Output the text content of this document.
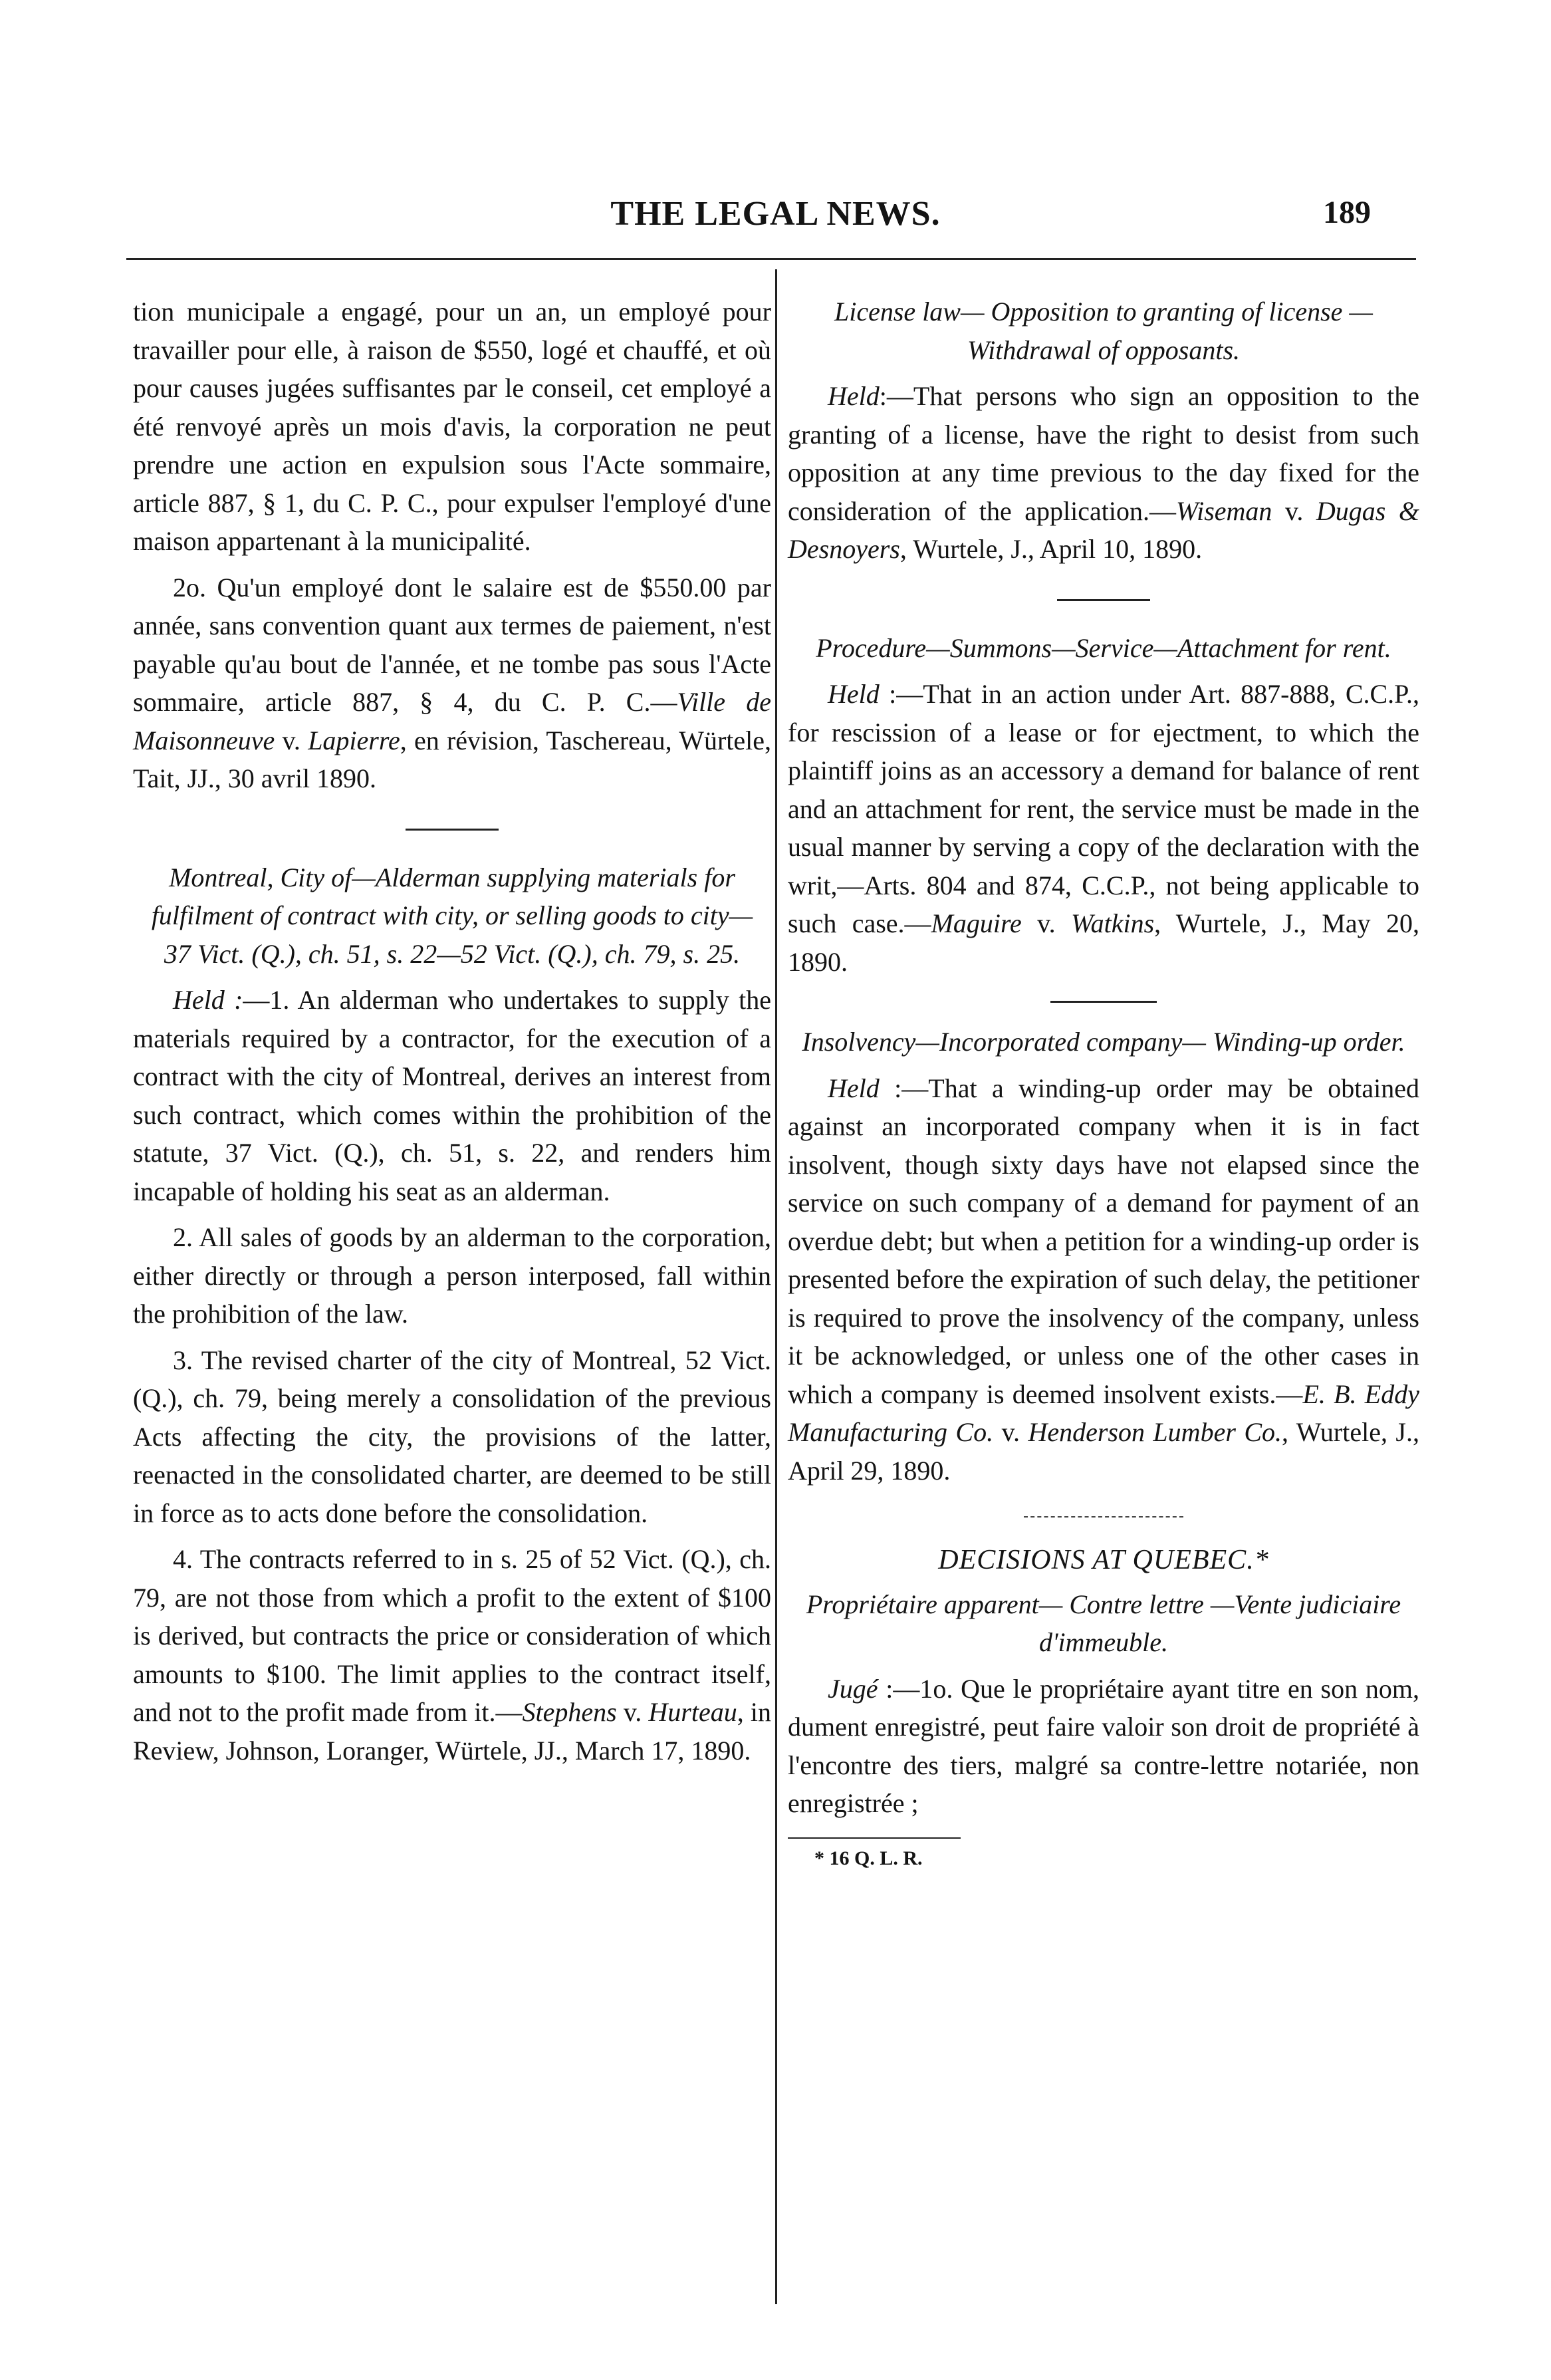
THE LEGAL NEWS.	189

tion municipale a engagé, pour un an, un employé pour travailler pour elle, à raison de $550, logé et chauffé, et où pour causes jugées suffisantes par le conseil, cet employé a été renvoyé après un mois d'avis, la corporation ne peut prendre une action en expulsion sous l'Acte sommaire, article 887, § 1, du C. P. C., pour expulser l'employé d'une maison appartenant à la municipalité.

2o. Qu'un employé dont le salaire est de $550.00 par année, sans convention quant aux termes de paiement, n'est payable qu'au bout de l'année, et ne tombe pas sous l'Acte sommaire, article 887, § 4, du C. P. C.—Ville de Maisonneuve v. Lapierre, en révision, Taschereau, Würtele, Tait, JJ., 30 avril 1890.

Montreal, City of—Alderman supplying materials for fulfilment of contract with city, or selling goods to city—37 Vict. (Q.), ch. 51, s. 22—52 Vict. (Q.), ch. 79, s. 25.

Held :—1. An alderman who undertakes to supply the materials required by a contractor, for the execution of a contract with the city of Montreal, derives an interest from such contract, which comes within the prohibition of the statute, 37 Vict. (Q.), ch. 51, s. 22, and renders him incapable of holding his seat as an alderman.

2. All sales of goods by an alderman to the corporation, either directly or through a person interposed, fall within the prohibition of the law.

3. The revised charter of the city of Montreal, 52 Vict. (Q.), ch. 79, being merely a consolidation of the previous Acts affecting the city, the provisions of the latter, reenacted in the consolidated charter, are deemed to be still in force as to acts done before the consolidation.

4. The contracts referred to in s. 25 of 52 Vict. (Q.), ch. 79, are not those from which a profit to the extent of $100 is derived, but contracts the price or consideration of which amounts to $100. The limit applies to the contract itself, and not to the profit made from it.—Stephens v. Hurteau, in Review, Johnson, Loranger, Würtele, JJ., March 17, 1890.

License law— Opposition to granting of license —Withdrawal of opposants.

Held:—That persons who sign an opposition to the granting of a license, have the right to desist from such opposition at any time previous to the day fixed for the consideration of the application.—Wiseman v. Dugas & Desnoyers, Wurtele, J., April 10, 1890.

Procedure—Summons—Service—Attachment for rent.

Held :—That in an action under Art. 887-888, C.C.P., for rescission of a lease or for ejectment, to which the plaintiff joins as an accessory a demand for balance of rent and an attachment for rent, the service must be made in the usual manner by serving a copy of the declaration with the writ,—Arts. 804 and 874, C.C.P., not being applicable to such case.—Maguire v. Watkins, Wurtele, J., May 20, 1890.

Insolvency—Incorporated company— Winding-up order.

Held :—That a winding-up order may be obtained against an incorporated company when it is in fact insolvent, though sixty days have not elapsed since the service on such company of a demand for payment of an overdue debt; but when a petition for a winding-up order is presented before the expiration of such delay, the petitioner is required to prove the insolvency of the company, unless it be acknowledged, or unless one of the other cases in which a company is deemed insolvent exists.—E. B. Eddy Manufacturing Co. v. Henderson Lumber Co., Wurtele, J., April 29, 1890.

DECISIONS AT QUEBEC.*

Propriétaire apparent— Contre lettre —Vente judiciaire d'immeuble.

Jugé :—1o. Que le propriétaire ayant titre en son nom, dument enregistré, peut faire valoir son droit de propriété à l'encontre des tiers, malgré sa contre-lettre notariée, non enregistrée ;

* 16 Q. L. R.
